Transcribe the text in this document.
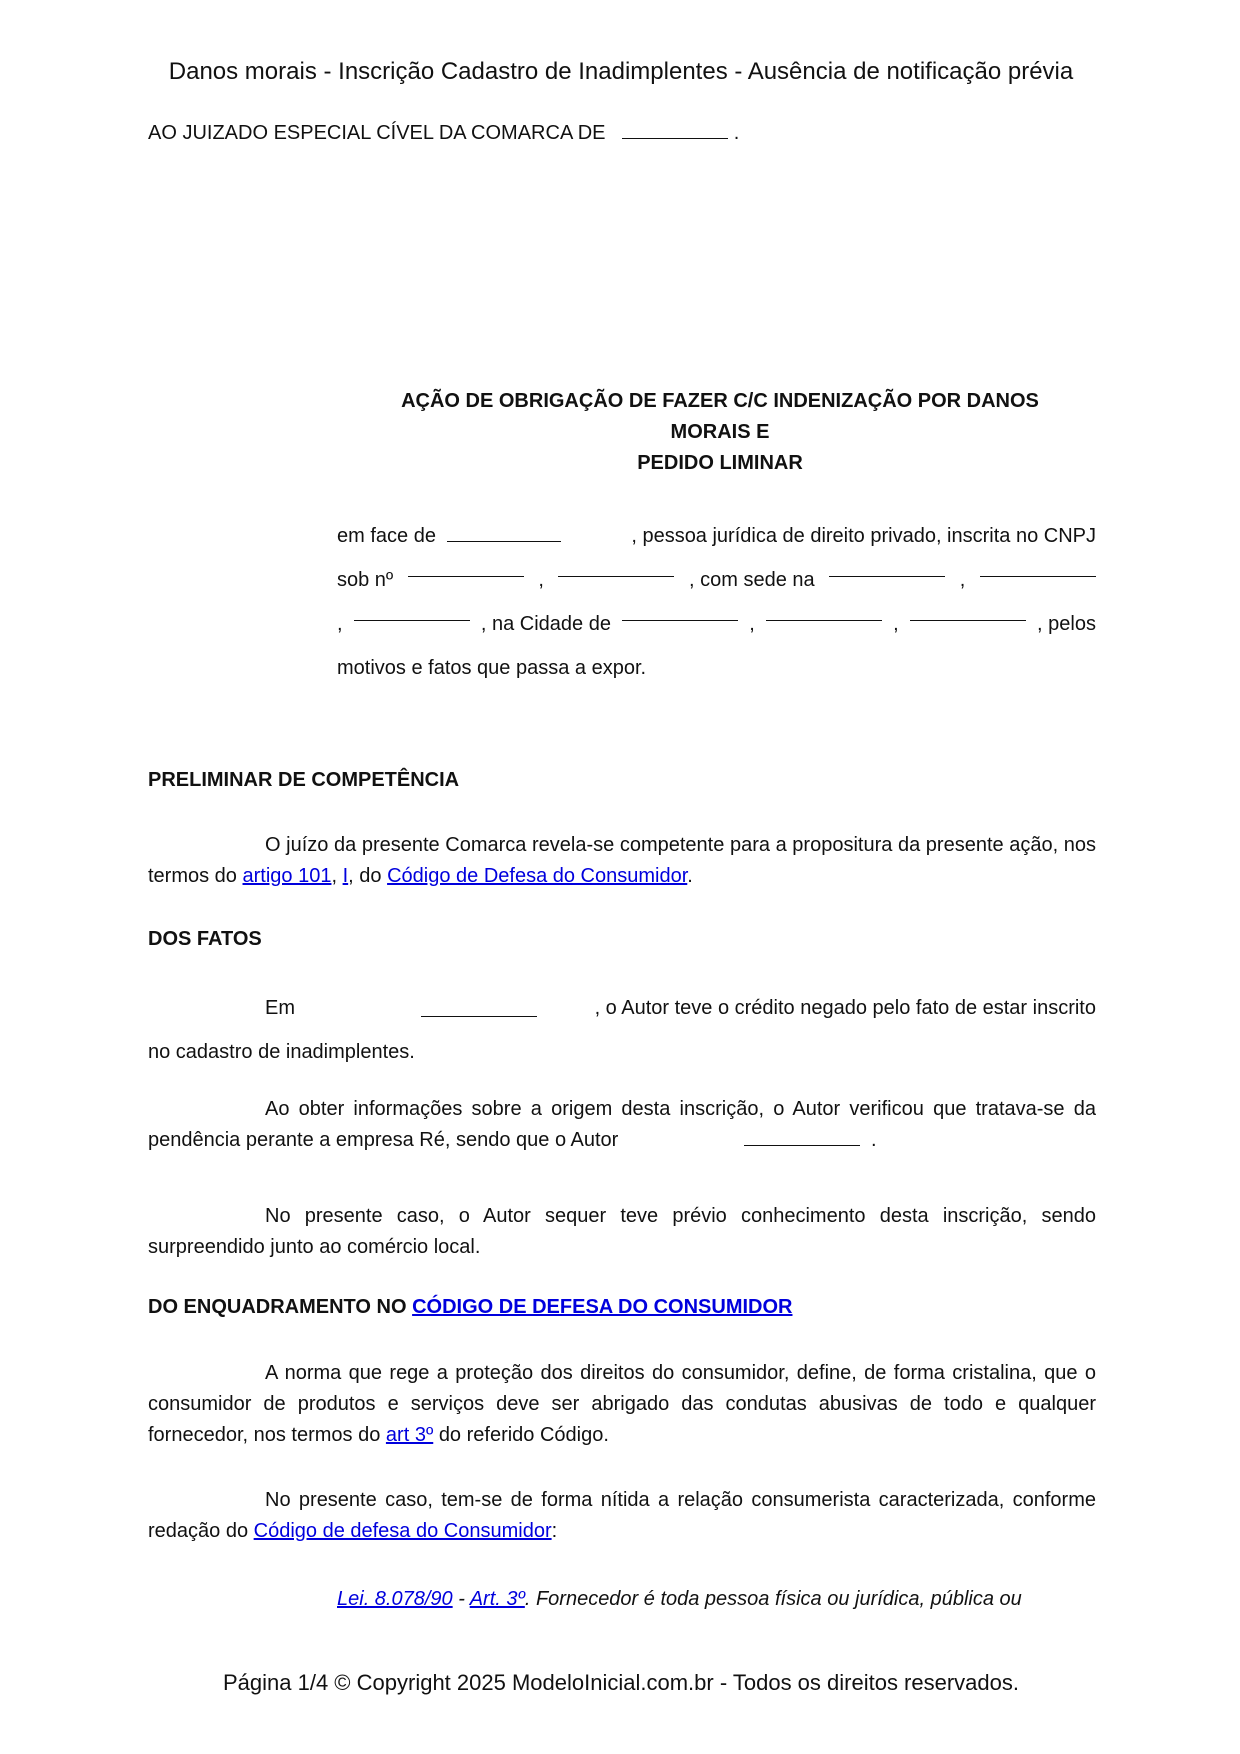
Danos morais - Inscrição Cadastro de Inadimplentes - Ausência de notificação prévia
AO JUIZADO ESPECIAL CÍVEL DA COMARCA DE	.
AÇÃO DE OBRIGAÇÃO DE FAZER C/C INDENIZAÇÃO POR DANOS
MORAIS E
PEDIDO LIMINAR
em face de	, pessoa jurídica de direito privado, inscrita no CNPJ
sob nº	,	, com sede na	,
,	, na Cidade de	,	,	, pelos
motivos e fatos que passa a expor.
PRELIMINAR DE COMPETÊNCIA
O juízo da presente Comarca revela-se competente para a propositura da presente ação, nos termos do artigo 101, I, do Código de Defesa do Consumidor.
DOS FATOS
Em	, o Autor teve o crédito negado pelo fato de estar inscrito
no cadastro de inadimplentes.
Ao obter informações sobre a origem desta inscrição, o Autor verificou que tratava-se da pendência perante a empresa Ré, sendo que o Autor	.
No presente caso, o Autor sequer teve prévio conhecimento desta inscrição, sendo surpreendido junto ao comércio local.
DO ENQUADRAMENTO NO CÓDIGO DE DEFESA DO CONSUMIDOR
A norma que rege a proteção dos direitos do consumidor, define, de forma cristalina, que o consumidor de produtos e serviços deve ser abrigado das condutas abusivas de todo e qualquer fornecedor, nos termos do art 3º do referido Código.
No presente caso, tem-se de forma nítida a relação consumerista caracterizada, conforme redação do Código de defesa do Consumidor:
Lei. 8.078/90 - Art. 3º. Fornecedor é toda pessoa física ou jurídica, pública ou
Página 1/4 © Copyright 2025 ModeloInicial.com.br - Todos os direitos reservados.
